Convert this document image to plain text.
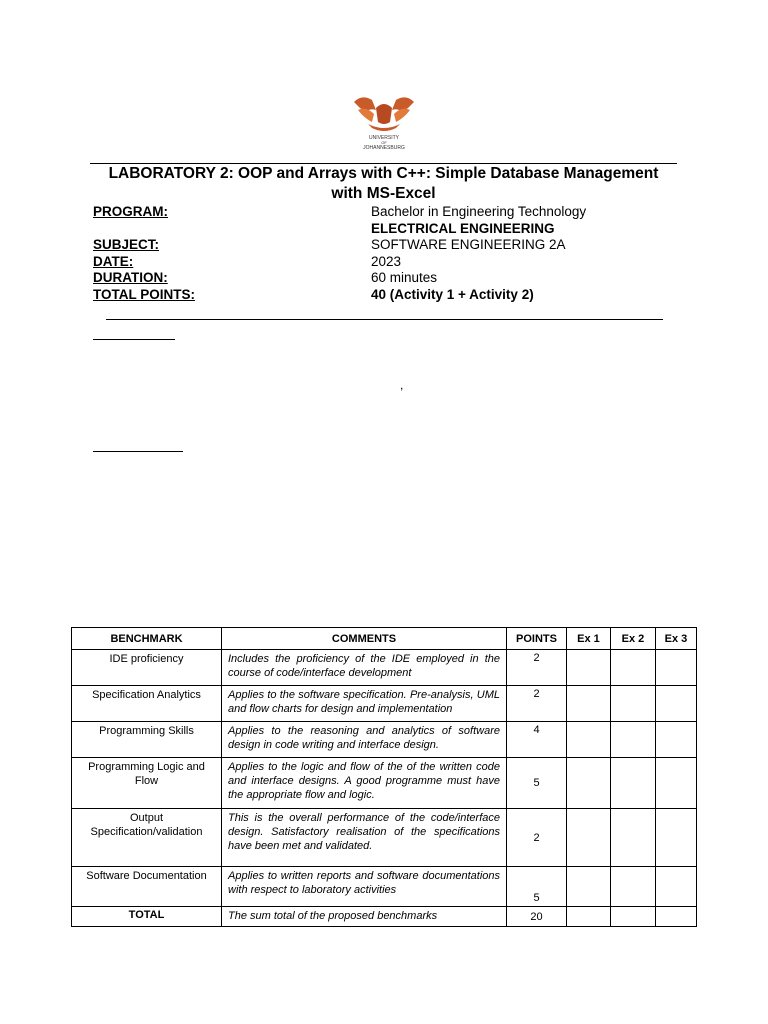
UNIVERSITY
OF
JOHANNESBURG
LABORATORY 2: OOP and Arrays with C++: Simple Database Management with MS-Excel
PROGRAM:	Bachelor in Engineering Technology
ELECTRICAL ENGINEERING
SUBJECT:	SOFTWARE ENGINEERING 2A
DATE:	2023
DURATION:	60 minutes
TOTAL POINTS:	40 (Activity 1 + Activity 2)
,
BENCHMARK	COMMENTS	POINTS	Ex 1	Ex 2	Ex 3
IDE proficiency	Includes the proficiency of the IDE employed in the course of code/interface development	2			
Specification Analytics	Applies to the software specification. Pre-analysis, UML and flow charts for design and implementation	2			
Programming Skills	Applies to the reasoning and analytics of software design in code writing and interface design.	4			
Programming Logic and Flow	Applies to the logic and flow of the of the written code and interface designs. A good programme must have the appropriate flow and logic.	5			
Output Specification/validation	This is the overall performance of the code/interface design. Satisfactory realisation of the specifications have been met and validated.	2			
Software Documentation	Applies to written reports and software documentations with respect to laboratory activities	5			
TOTAL	The sum total of the proposed benchmarks	20			
